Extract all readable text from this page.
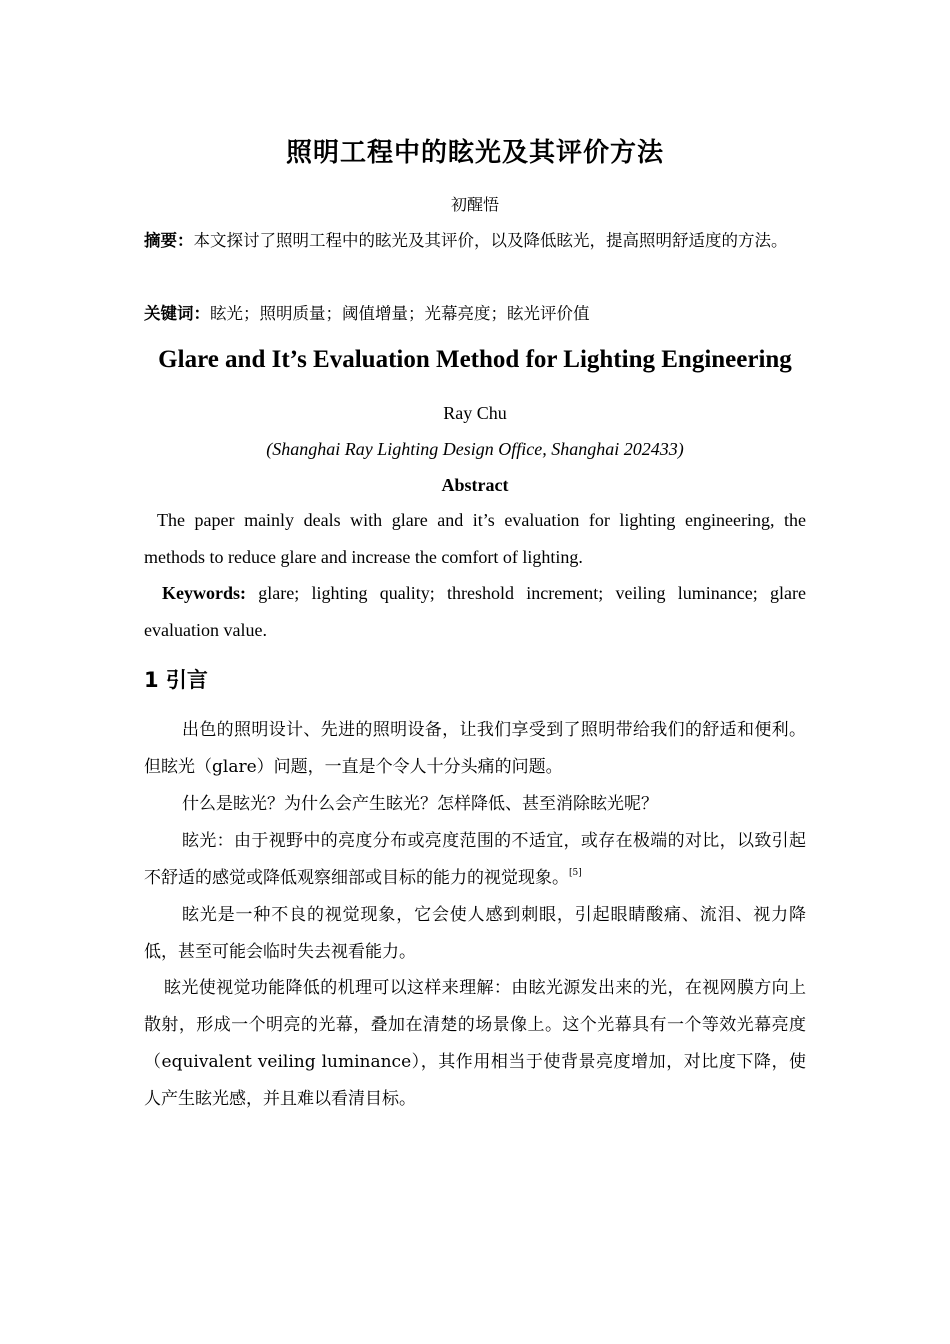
照明工程中的眩光及其评价方法
初醒悟
摘要：本文探讨了照明工程中的眩光及其评价，以及降低眩光，提高照明舒适度的方法。
关键词：眩光；照明质量；阈值增量；光幕亮度；眩光评价值
Glare and It’s Evaluation Method for Lighting Engineering
Ray Chu
(Shanghai Ray Lighting Design Office, Shanghai 202433)
Abstract
The paper mainly deals with glare and it’s evaluation for lighting engineering, the methods to reduce glare and increase the comfort of lighting.
Keywords: glare; lighting quality; threshold increment; veiling luminance; glare evaluation value.
1 引言
出色的照明设计、先进的照明设备，让我们享受到了照明带给我们的舒适和便利。但眩光（glare）问题，一直是个令人十分头痛的问题。
什么是眩光？为什么会产生眩光？怎样降低、甚至消除眩光呢？
眩光：由于视野中的亮度分布或亮度范围的不适宜，或存在极端的对比，以致引起不舒适的感觉或降低观察细部或目标的能力的视觉现象。[5]
眩光是一种不良的视觉现象，它会使人感到刺眼，引起眼睛酸痛、流泪、视力降低，甚至可能会临时失去视看能力。
眩光使视觉功能降低的机理可以这样来理解：由眩光源发出来的光，在视网膜方向上散射，形成一个明亮的光幕，叠加在清楚的场景像上。这个光幕具有一个等效光幕亮度（equivalent veiling luminance），其作用相当于使背景亮度增加，对比度下降，使人产生眩光感，并且难以看清目标。
